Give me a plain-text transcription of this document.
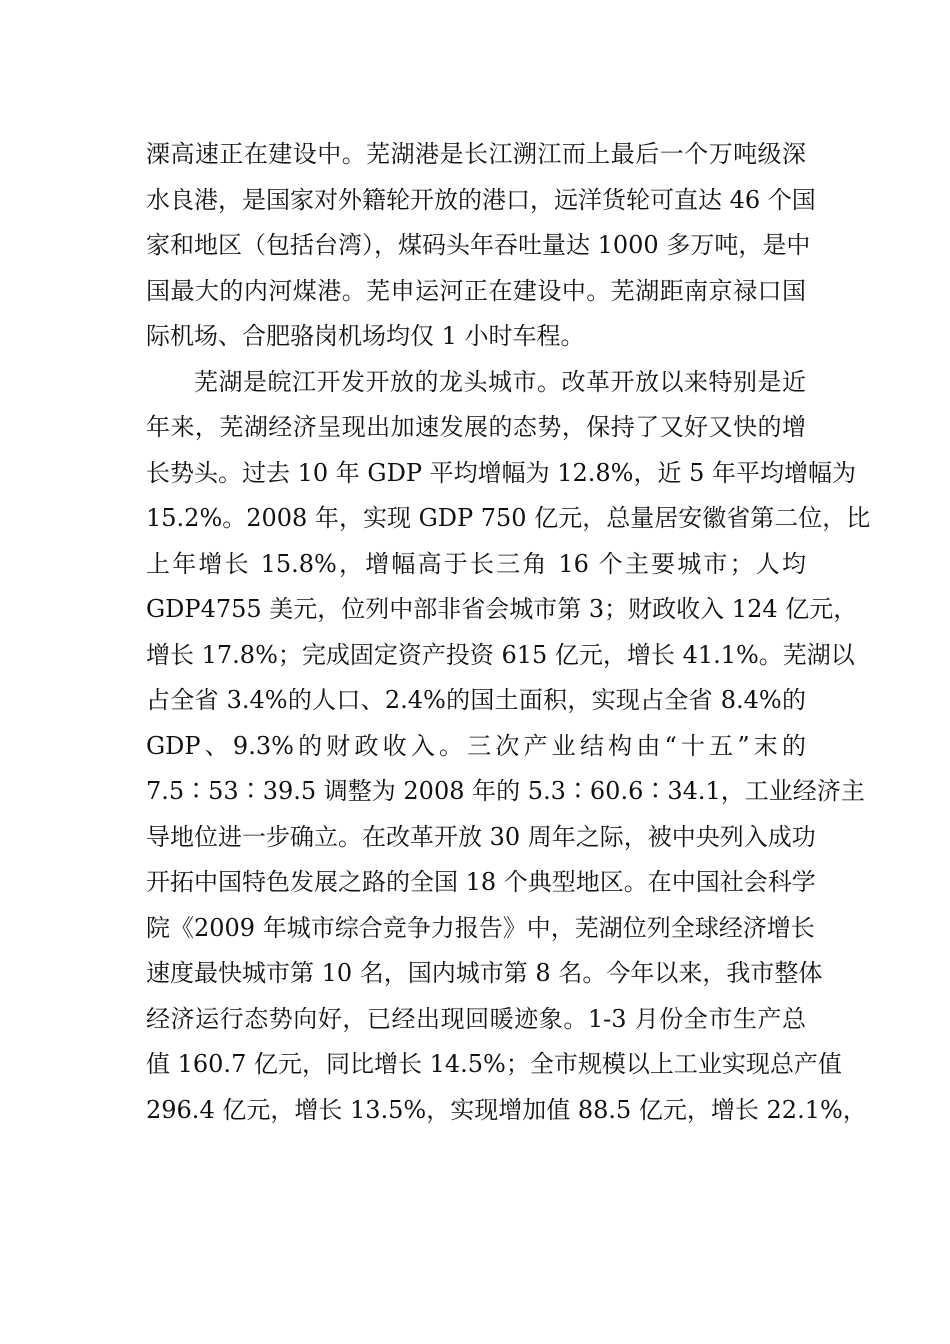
溧高速正在建设中。芜湖港是长江溯江而上最后一个万吨级深
水良港，是国家对外籍轮开放的港口，远洋货轮可直达 46 个国
家和地区（包括台湾），煤码头年吞吐量达 1000 多万吨，是中
国最大的内河煤港。芜申运河正在建设中。芜湖距南京禄口国
际机场、合肥骆岗机场均仅 1 小时车程。
芜湖是皖江开发开放的龙头城市。改革开放以来特别是近
年来，芜湖经济呈现出加速发展的态势，保持了又好又快的增
长势头。过去 10 年 GDP 平均增幅为 12.8%，近 5 年平均增幅为
15.2%。2008 年，实现 GDP 750 亿元，总量居安徽省第二位，比
上年增长 15.8%，增幅高于长三角 16 个主要城市；人均
GDP4755 美元，位列中部非省会城市第 3；财政收入 124 亿元，
增长 17.8%；完成固定资产投资 615 亿元，增长 41.1%。芜湖以
占全省 3.4%的人口、2.4%的国土面积，实现占全省 8.4%的
GDP、9.3%的财政收入。三次产业结构由“十五”末的
7.5∶53∶39.5 调整为 2008 年的 5.3∶60.6∶34.1，工业经济主
导地位进一步确立。在改革开放 30 周年之际，被中央列入成功
开拓中国特色发展之路的全国 18 个典型地区。在中国社会科学
院《2009 年城市综合竞争力报告》中，芜湖位列全球经济增长
速度最快城市第 10 名，国内城市第 8 名。今年以来，我市整体
经济运行态势向好，已经出现回暖迹象。1-3 月份全市生产总
值 160.7 亿元，同比增长 14.5%；全市规模以上工业实现总产值
296.4 亿元，增长 13.5%，实现增加值 88.5 亿元，增长 22.1%，
